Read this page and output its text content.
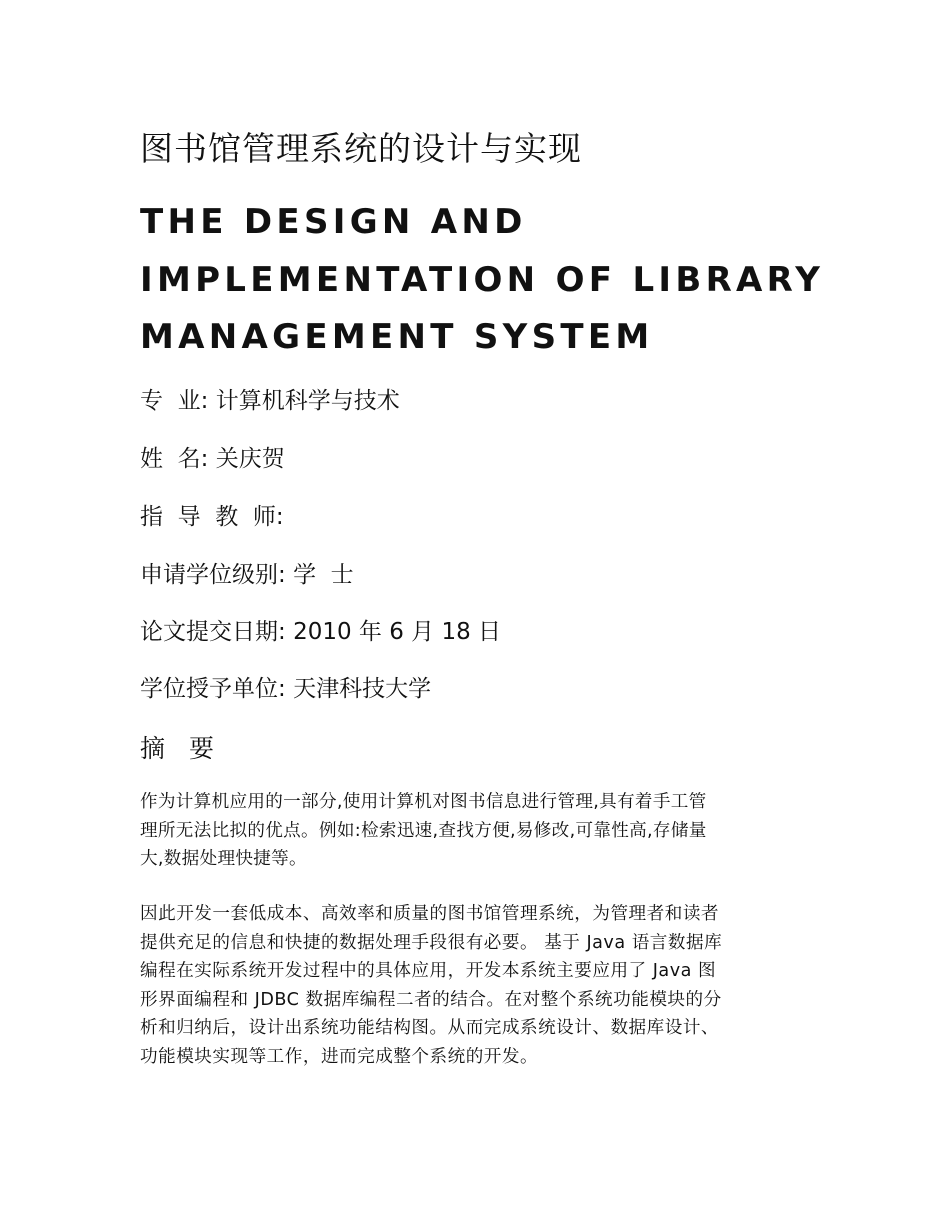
图书馆管理系统的设计与实现
THE DESIGN AND
IMPLEMENTATION OF LIBRARY
MANAGEMENT SYSTEM
专  业: 计算机科学与技术
姓  名: 关庆贺
指  导  教  师:
申请学位级别: 学  士
论文提交日期: 2010 年 6 月 18 日
学位授予单位: 天津科技大学
摘 要
作为计算机应用的一部分,使用计算机对图书信息进行管理,具有着手工管
理所无法比拟的优点。例如:检索迅速,查找方便,易修改,可靠性高,存储量
大,数据处理快捷等。
因此开发一套低成本、高效率和质量的图书馆管理系统，为管理者和读者
提供充足的信息和快捷的数据处理手段很有必要。 基于 Java 语言数据库
编程在实际系统开发过程中的具体应用，开发本系统主要应用了 Java 图
形界面编程和 JDBC 数据库编程二者的结合。在对整个系统功能模块的分
析和归纳后，设计出系统功能结构图。从而完成系统设计、数据库设计、
功能模块实现等工作，进而完成整个系统的开发。
